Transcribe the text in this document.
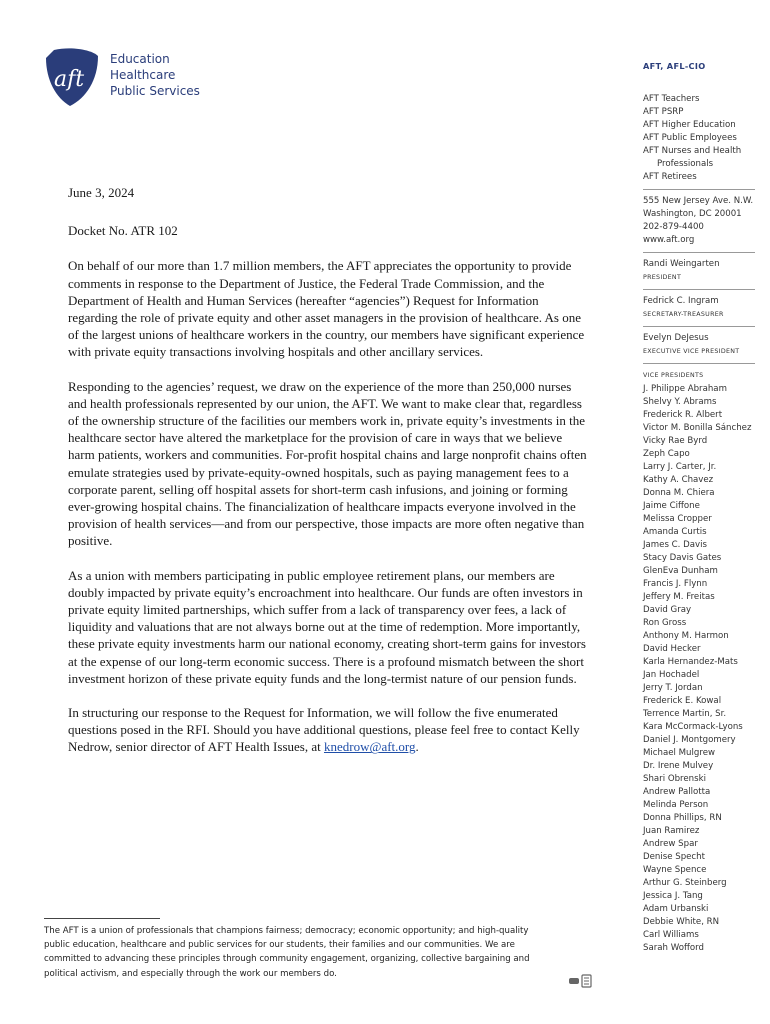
aft
Education
Healthcare
Public Services

June 3, 2024

Docket No. ATR 102

On behalf of our more than 1.7 million members, the AFT appreciates the opportunity to provide comments in response to the Department of Justice, the Federal Trade Commission, and the Department of Health and Human Services (hereafter “agencies”) Request for Information regarding the role of private equity and other asset managers in the provision of healthcare. As one of the largest unions of healthcare workers in the country, our members have significant experience with private equity transactions involving hospitals and other ancillary services.

Responding to the agencies’ request, we draw on the experience of the more than 250,000 nurses and health professionals represented by our union, the AFT. We want to make clear that, regardless of the ownership structure of the facilities our members work in, private equity’s investments in the healthcare sector have altered the marketplace for the provision of care in ways that we believe harm patients, workers and communities. For-profit hospital chains and large nonprofit chains often emulate strategies used by private-equity-owned hospitals, such as paying management fees to a corporate parent, selling off hospital assets for short-term cash infusions, and joining or forming ever-growing hospital chains. The financialization of healthcare impacts everyone involved in the provision of health services—and from our perspective, those impacts are more often negative than positive.

As a union with members participating in public employee retirement plans, our members are doubly impacted by private equity’s encroachment into healthcare. Our funds are often investors in private equity limited partnerships, which suffer from a lack of transparency over fees, a lack of liquidity and valuations that are not always borne out at the time of redemption. More importantly, these private equity investments harm our national economy, creating short-term gains for investors at the expense of our long-term economic success. There is a profound mismatch between the short investment horizon of these private equity funds and the long-termist nature of our pension funds.

In structuring our response to the Request for Information, we will follow the five enumerated questions posed in the RFI. Should you have additional questions, please feel free to contact Kelly Nedrow, senior director of AFT Health Issues, at knedrow@aft.org.

The AFT is a union of professionals that champions fairness; democracy; economic opportunity; and high-quality public education, healthcare and public services for our students, their families and our communities. We are committed to advancing these principles through community engagement, organizing, collective bargaining and political activism, and especially through the work our members do.
AFT, AFL-CIO
AFT Teachers
AFT PSRP
AFT Higher Education
AFT Public Employees
AFT Nurses and Health
Professionals
AFT Retirees
555 New Jersey Ave. N.W.
Washington, DC 20001
202-879-4400
www.aft.org
Randi Weingarten
PRESIDENT
Fedrick C. Ingram
SECRETARY-TREASURER
Evelyn DeJesus
EXECUTIVE VICE PRESIDENT
VICE PRESIDENTS
J. Philippe Abraham
Shelvy Y. Abrams
Frederick R. Albert
Victor M. Bonilla Sánchez
Vicky Rae Byrd
Zeph Capo
Larry J. Carter, Jr.
Kathy A. Chavez
Donna M. Chiera
Jaime Ciffone
Melissa Cropper
Amanda Curtis
James C. Davis
Stacy Davis Gates
GlenEva Dunham
Francis J. Flynn
Jeffery M. Freitas
David Gray
Ron Gross
Anthony M. Harmon
David Hecker
Karla Hernandez-Mats
Jan Hochadel
Jerry T. Jordan
Frederick E. Kowal
Terrence Martin, Sr.
Kara McCormack-Lyons
Daniel J. Montgomery
Michael Mulgrew
Dr. Irene Mulvey
Shari Obrenski
Andrew Pallotta
Melinda Person
Donna Phillips, RN
Juan Ramirez
Andrew Spar
Denise Specht
Wayne Spence
Arthur G. Steinberg
Jessica J. Tang
Adam Urbanski
Debbie White, RN
Carl Williams
Sarah Wofford
